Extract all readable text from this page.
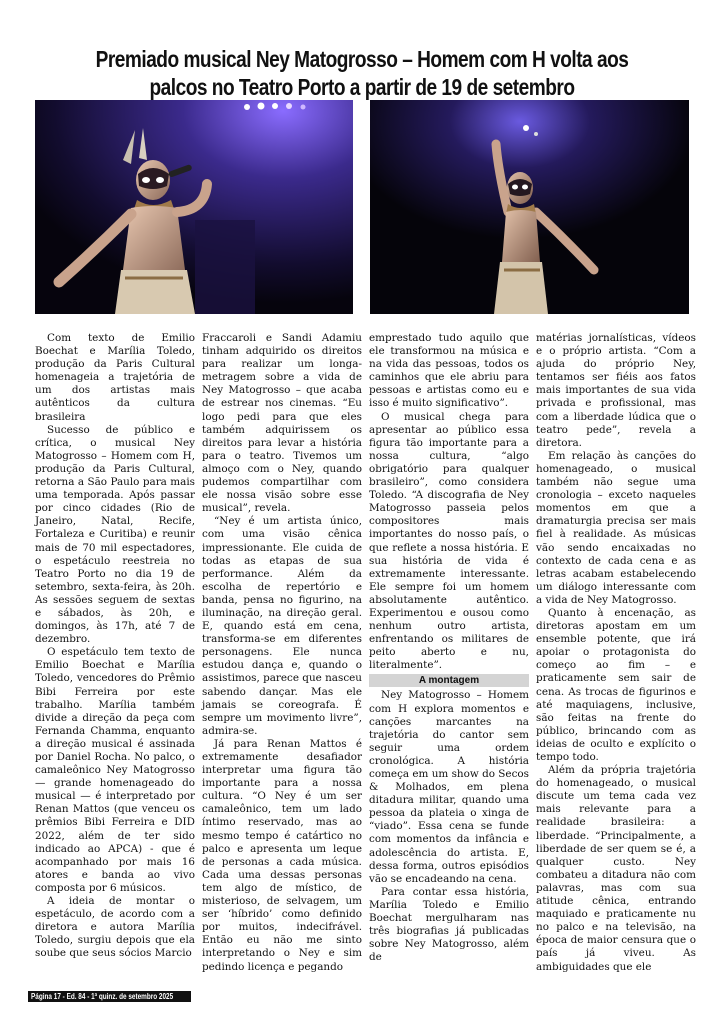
Premiado musical Ney Matogrosso – Homem com H volta aos palcos no Teatro Porto a partir de 19 de setembro

Com texto de Emilio Boechat e Marília Toledo, produção da Paris Cultural homenageia a trajetória de um dos artistas mais autênticos da cultura brasileira

Sucesso de público e crítica, o musical Ney Matogrosso – Homem com H, produção da Paris Cultural, retorna a São Paulo para mais uma temporada. Após passar por cinco cidades (Rio de Janeiro, Natal, Recife, Fortaleza e Curitiba) e reunir mais de 70 mil espectadores, o espetáculo reestreia no Teatro Porto no dia 19 de setembro, sexta-feira, às 20h. As sessões seguem de sextas e sábados, às 20h, e domingos, às 17h, até 7 de dezembro.

O espetáculo tem texto de Emilio Boechat e Marília Toledo, vencedores do Prêmio Bibi Ferreira por este trabalho. Marília também divide a direção da peça com Fernanda Chamma, enquanto a direção musical é assinada por Daniel Rocha. No palco, o camaleônico Ney Matogrosso — grande homenageado do musical — é interpretado por Renan Mattos (que venceu os prêmios Bibi Ferreira e DID 2022, além de ter sido indicado ao APCA) - que é acompanhado por mais 16 atores e banda ao vivo composta por 6 músicos.

A ideia de montar o espetáculo, de acordo com a diretora e autora Marília Toledo, surgiu depois que ela soube que seus sócios Marcio

Fraccaroli e Sandi Adamiu tinham adquirido os direitos para realizar um longa-metragem sobre a vida de Ney Matogrosso – que acaba de estrear nos cinemas. “Eu logo pedi para que eles também adquirissem os direitos para levar a história para o teatro. Tivemos um almoço com o Ney, quando pudemos compartilhar com ele nossa visão sobre esse musical”, revela.

“Ney é um artista único, com uma visão cênica impressionante. Ele cuida de todas as etapas de sua performance. Além da escolha de repertório e banda, pensa no figurino, na iluminação, na direção geral. E, quando está em cena, transforma-se em diferentes personagens. Ele nunca estudou dança e, quando o assistimos, parece que nasceu sabendo dançar. Mas ele jamais se coreografa. É sempre um movimento livre”, admira-se.

Já para Renan Mattos é extremamente desafiador interpretar uma figura tão importante para a nossa cultura. “O Ney é um ser camaleônico, tem um lado íntimo reservado, mas ao mesmo tempo é catártico no palco e apresenta um leque de personas a cada música. Cada uma dessas personas tem algo de místico, de misterioso, de selvagem, um ser ‘híbrido’ como definido por muitos, indecifrável. Então eu não me sinto interpretando o Ney e sim pedindo licença e pegando

emprestado tudo aquilo que ele transformou na música e na vida das pessoas, todos os caminhos que ele abriu para pessoas e artistas como eu e isso é muito significativo”.

O musical chega para apresentar ao público essa figura tão importante para a nossa cultura, “algo obrigatório para qualquer brasileiro”, como considera Toledo. “A discografia de Ney Matogrosso passeia pelos compositores mais importantes do nosso país, o que reflete a nossa história. E sua história de vida é extremamente interessante. Ele sempre foi um homem absolutamente autêntico. Experimentou e ousou como nenhum outro artista, enfrentando os militares de peito aberto e nu, literalmente”.

A montagem

Ney Matogrosso – Homem com H explora momentos e canções marcantes na trajetória do cantor sem seguir uma ordem cronológica. A história começa em um show do Secos & Molhados, em plena ditadura militar, quando uma pessoa da plateia o xinga de “viado”. Essa cena se funde com momentos da infância e adolescência do artista. E, dessa forma, outros episódios vão se encadeando na cena.

Para contar essa história, Marília Toledo e Emilio Boechat mergulharam nas três biografias já publicadas sobre Ney Matogrosso, além de

matérias jornalísticas, vídeos e o próprio artista. “Com a ajuda do próprio Ney, tentamos ser fiéis aos fatos mais importantes de sua vida privada e profissional, mas com a liberdade lúdica que o teatro pede”, revela a diretora.

Em relação às canções do homenageado, o musical também não segue uma cronologia – exceto naqueles momentos em que a dramaturgia precisa ser mais fiel à realidade. As músicas vão sendo encaixadas no contexto de cada cena e as letras acabam estabelecendo um diálogo interessante com a vida de Ney Matogrosso.

Quanto à encenação, as diretoras apostam em um ensemble potente, que irá apoiar o protagonista do começo ao fim – e praticamente sem sair de cena. As trocas de figurinos e até maquiagens, inclusive, são feitas na frente do público, brincando com as ideias de oculto e explícito o tempo todo.

Além da própria trajetória do homenageado, o musical discute um tema cada vez mais relevante para a realidade brasileira: a liberdade. “Principalmente, a liberdade de ser quem se é, a qualquer custo. Ney combateu a ditadura não com palavras, mas com sua atitude cênica, entrando maquiado e praticamente nu no palco e na televisão, na época de maior censura que o país já viveu. As ambiguidades que ele

Página 17 - Ed. 84 - 1ª quinz. de setembro 2025
